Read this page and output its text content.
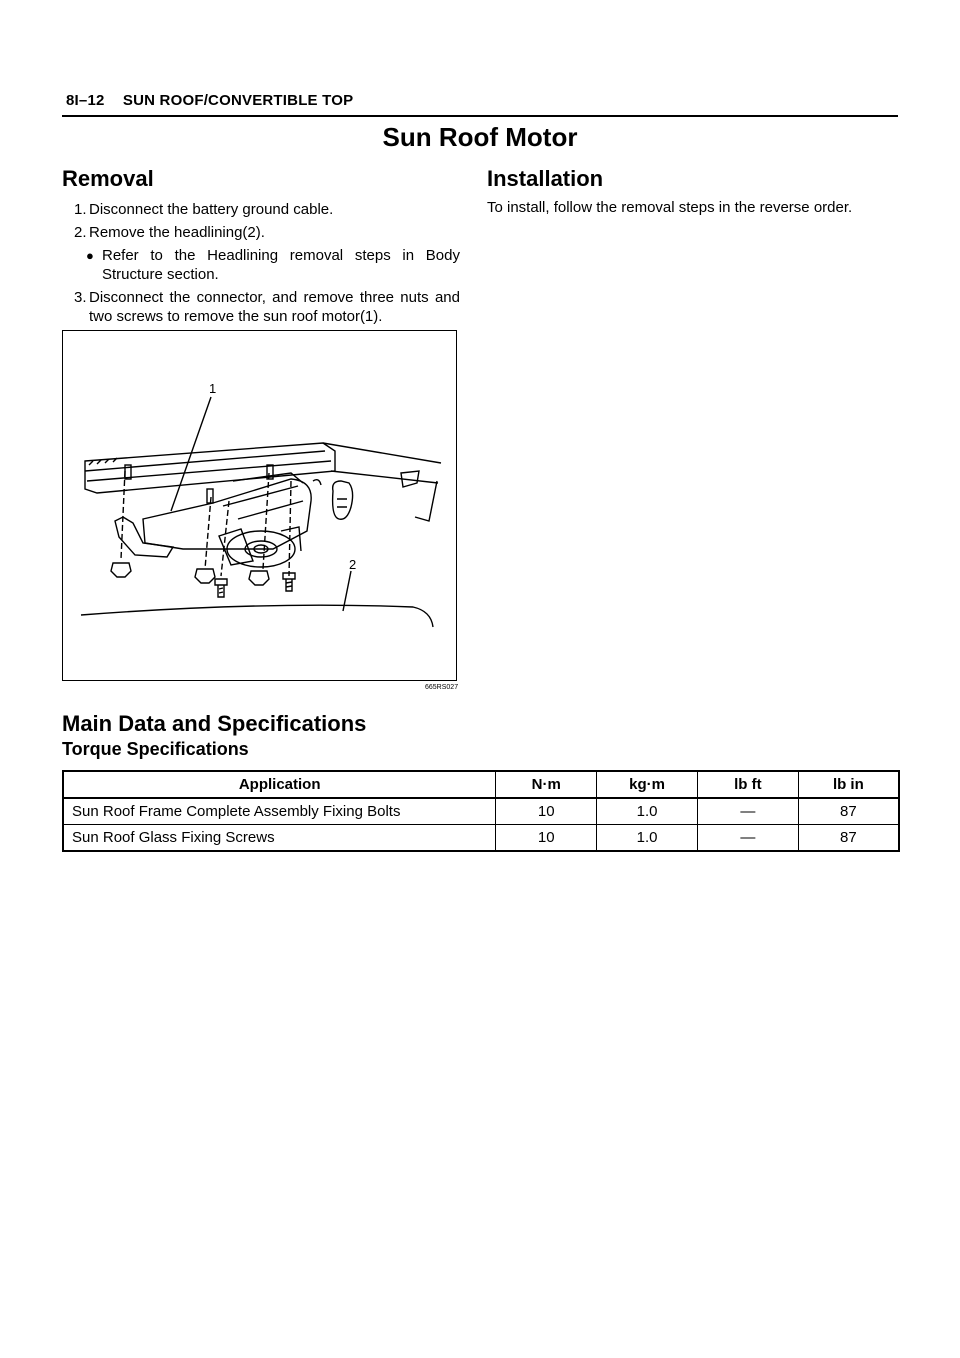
8I–12 SUN ROOF/CONVERTIBLE TOP
Sun Roof Motor
Removal	Installation
1. Disconnect the battery ground cable.
2. Remove the headlining(2).
● Refer to the Headlining removal steps in Body Structure section.
3. Disconnect the connector, and remove three nuts and two screws to remove the sun roof motor(1).
To install, follow the removal steps in the reverse order.
1
2
665RS027
Main Data and Specifications
Torque Specifications
Application	N·m	kg·m	lb ft	lb in
Sun Roof Frame Complete Assembly Fixing Bolts	10	1.0	—	87
Sun Roof Glass Fixing Screws	10	1.0	—	87
